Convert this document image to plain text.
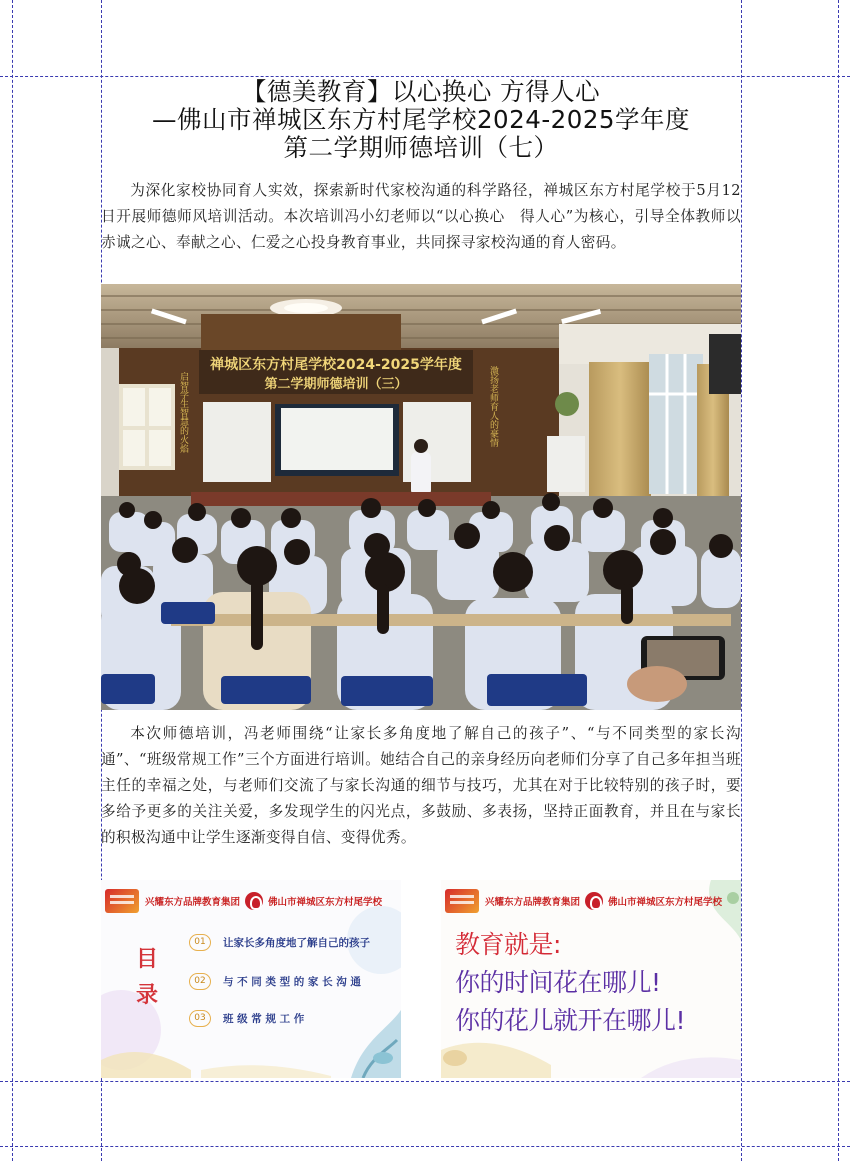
【德美教育】以心换心 方得人心
—佛山市禅城区东方村尾学校2024-2025学年度
第二学期师德培训（七）
为深化家校协同育人实效，探索新时代家校沟通的科学路径，禅城区东方村尾学校于5月12日开展师德师风培训活动。本次培训冯小幻老师以“以心换心　得人心”为核心，引导全体教师以赤诚之心、奉献之心、仁爱之心投身教育事业，共同探寻家校沟通的育人密码。
禅城区东方村尾学校2024-2025学年度
第二学期师德培训（三）
启智学生智慧的火焰	激扬老师育人的豪情
本次师德培训，冯老师围绕“让家长多角度地了解自己的孩子”、“与不同类型的家长沟通”、“班级常规工作”三个方面进行培训。她结合自己的亲身经历向老师们分享了自己多年担当班主任的幸福之处，与老师们交流了与家长沟通的细节与技巧，尤其在对于比较特别的孩子时，要多给予更多的关注关爱，多发现学生的闪光点，多鼓励、多表扬，坚持正面教育，并且在与家长的积极沟通中让学生逐渐变得自信、变得优秀。
兴耀东方品牌教育集团	佛山市禅城区东方村尾学校
目录
01	让家长多角度地了解自己的孩子
02	与 不 同 类 型 的 家 长 沟 通
03	班 级 常 规 工 作
兴耀东方品牌教育集团	佛山市禅城区东方村尾学校
教育就是:
你的时间花在哪儿!
你的花儿就开在哪儿!
